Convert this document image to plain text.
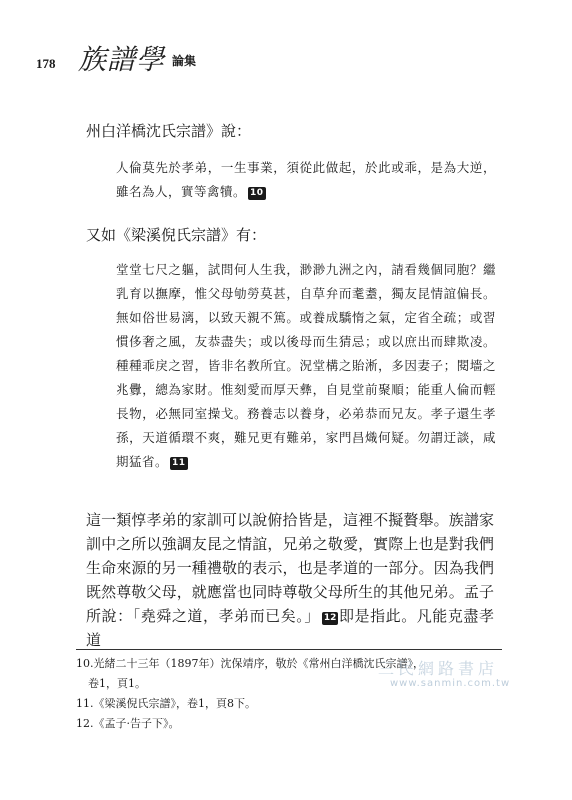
178 族譜學 論集
州白洋橋沈氏宗譜》說：

人倫莫先於孝弟，一生事業，須從此做起，於此或乖，是為大逆，雖名為人，實等禽犢。 10

又如《梁溪倪氏宗譜》有：

堂堂七尺之軀，試問何人生我，渺渺九洲之內，請看幾個同胞？繼乳育以撫摩，惟父母劬勞莫甚，自草弁而耄耋，獨友昆情誼偏長。無如俗世易漓，以致天親不篤。或養成驕惰之氣，定省全疏；或習慣侈奢之風，友恭盡失；或以後母而生猜忌；或以庶出而肆欺凌。種種乖戾之習，皆非名教所宜。況堂構之貽淅，多因妻子；閱墻之兆釁，總為家財。惟刻愛而厚天彝，自見堂前聚順；能重人倫而輕長物，必無同室操戈。務養志以養身，必弟恭而兄友。孝子還生孝孫，天道循環不爽，難兄更有難弟，家門昌熾何疑。勿謂迂談，咸期猛省。 11

這一類惇孝弟的家訓可以說俯拾皆是，這裡不擬贅舉。族譜家訓中之所以強調友昆之情誼，兄弟之敬愛，實際上也是對我們生命來源的另一種禮敬的表示，也是孝道的一部分。因為我們既然尊敬父母，就應當也同時尊敬父母所生的其他兄弟。孟子所說：「堯舜之道，孝弟而已矣。」 12 即是指此。凡能克盡孝道

10.光緒二十三年（1897年）沈保靖序，敬於《常州白洋橋沈氏宗譜》，

卷1，頁1。

11.《梁溪倪氏宗譜》，卷1，頁8下。

12.《孟子·告子下》。

三民網路書店
www.sanmin.com.tw
